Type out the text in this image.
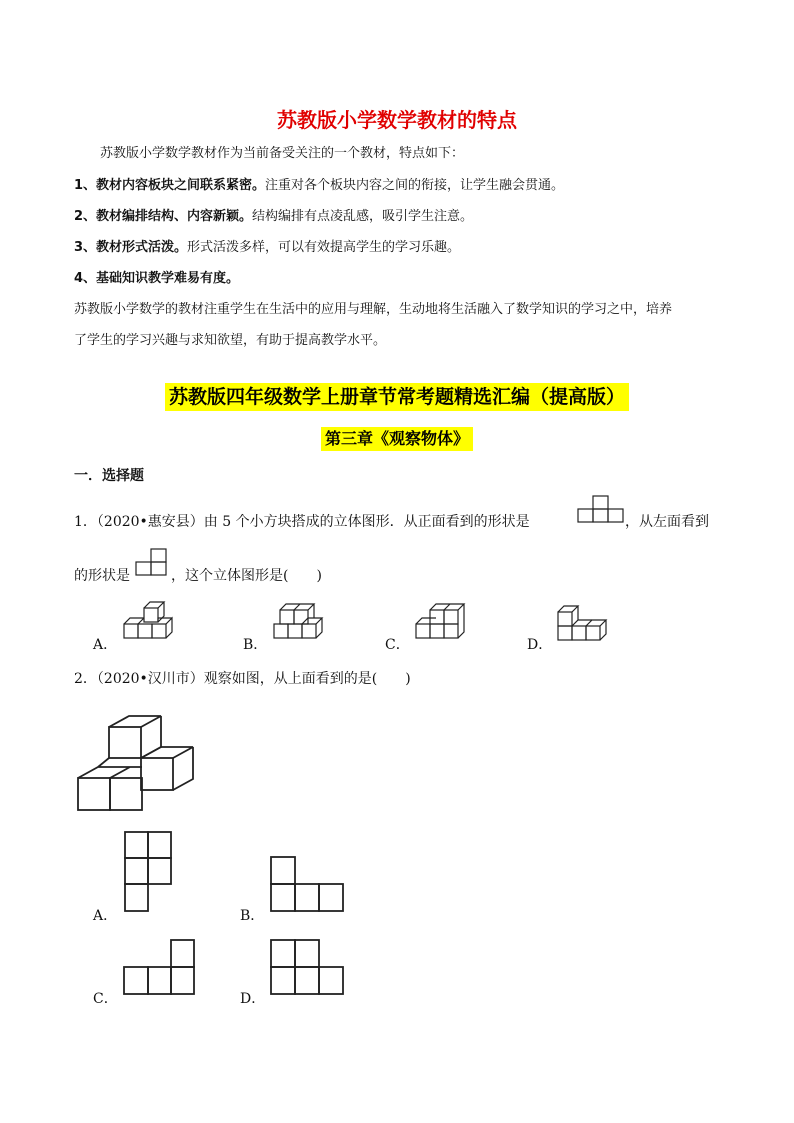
苏教版小学数学教材的特点
苏教版小学数学教材作为当前备受关注的一个教材，特点如下：
1、教材内容板块之间联系紧密。注重对各个板块内容之间的衔接，让学生融会贯通。
2、教材编排结构、内容新颖。结构编排有点凌乱感，吸引学生注意。
3、教材形式活泼。形式活泼多样，可以有效提高学生的学习乐趣。
4、基础知识教学难易有度。
苏教版小学数学的教材注重学生在生活中的应用与理解，生动地将生活融入了数学知识的学习之中，培养
了学生的学习兴趣与求知欲望，有助于提高教学水平。
苏教版四年级数学上册章节常考题精选汇编（提高版）
第三章《观察物体》
一．选择题
1．（2020•惠安县）由 5 个小方块搭成的立体图形．从正面看到的形状是	，从左面看到
的形状是	，这个立体图形是(　　)
A．	B．	C．	D．
2．（2020•汉川市）观察如图，从上面看到的是(　　)
A．	B．
C．	D．
